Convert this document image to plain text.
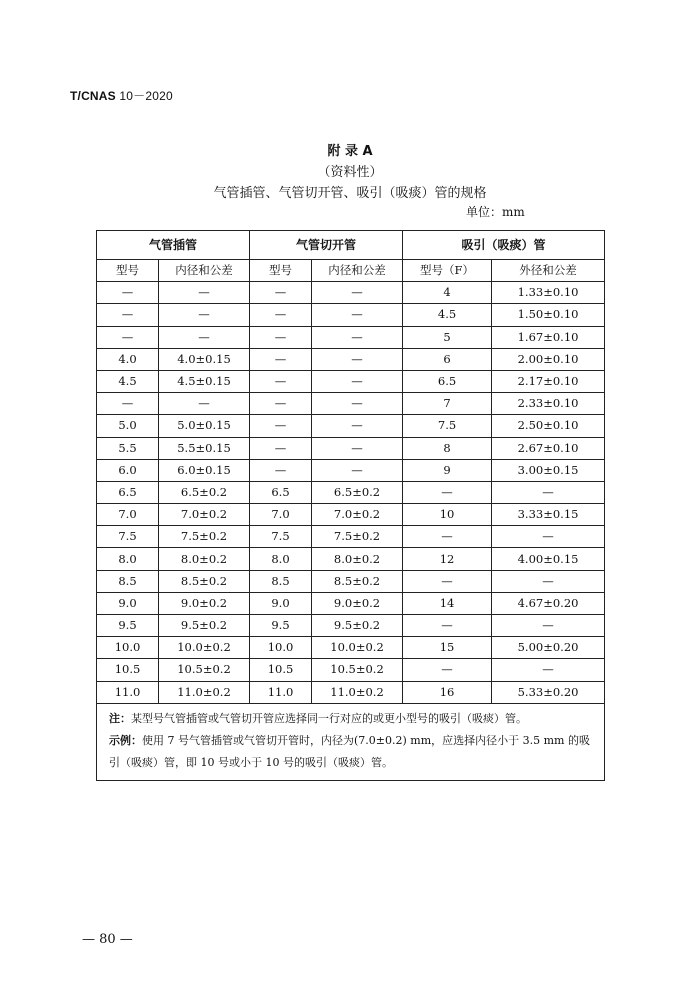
T/CNAS 10－2020
附 录 A
（资料性）
气管插管、气管切开管、吸引（吸痰）管的规格
单位：mm
气管插管		气管切开管		吸引（吸痰）管	
型号	内径和公差	型号	内径和公差	型号（F）	外径和公差
—	—	—	—	4	1.33±0.10
—	—	—	—	4.5	1.50±0.10
—	—	—	—	5	1.67±0.10
4.0	4.0±0.15	—	—	6	2.00±0.10
4.5	4.5±0.15	—	—	6.5	2.17±0.10
—	—	—	—	7	2.33±0.10
5.0	5.0±0.15	—	—	7.5	2.50±0.10
5.5	5.5±0.15	—	—	8	2.67±0.10
6.0	6.0±0.15	—	—	9	3.00±0.15
6.5	6.5±0.2	6.5	6.5±0.2	—	—
7.0	7.0±0.2	7.0	7.0±0.2	10	3.33±0.15
7.5	7.5±0.2	7.5	7.5±0.2	—	—
8.0	8.0±0.2	8.0	8.0±0.2	12	4.00±0.15
8.5	8.5±0.2	8.5	8.5±0.2	—	—
9.0	9.0±0.2	9.0	9.0±0.2	14	4.67±0.20
9.5	9.5±0.2	9.5	9.5±0.2	—	—
10.0	10.0±0.2	10.0	10.0±0.2	15	5.00±0.20
10.5	10.5±0.2	10.5	10.5±0.2	—	—
11.0	11.0±0.2	11.0	11.0±0.2	16	5.33±0.20

注：某型号气管插管或气管切开管应选择同一行对应的或更小型号的吸引（吸痰）管。
示例：使用 7 号气管插管或气管切开管时，内径为(7.0±0.2) mm，应选择内径小于 3.5 mm 的吸引（吸痰）管，即 10 号或小于 10 号的吸引（吸痰）管。					
— 80 —
